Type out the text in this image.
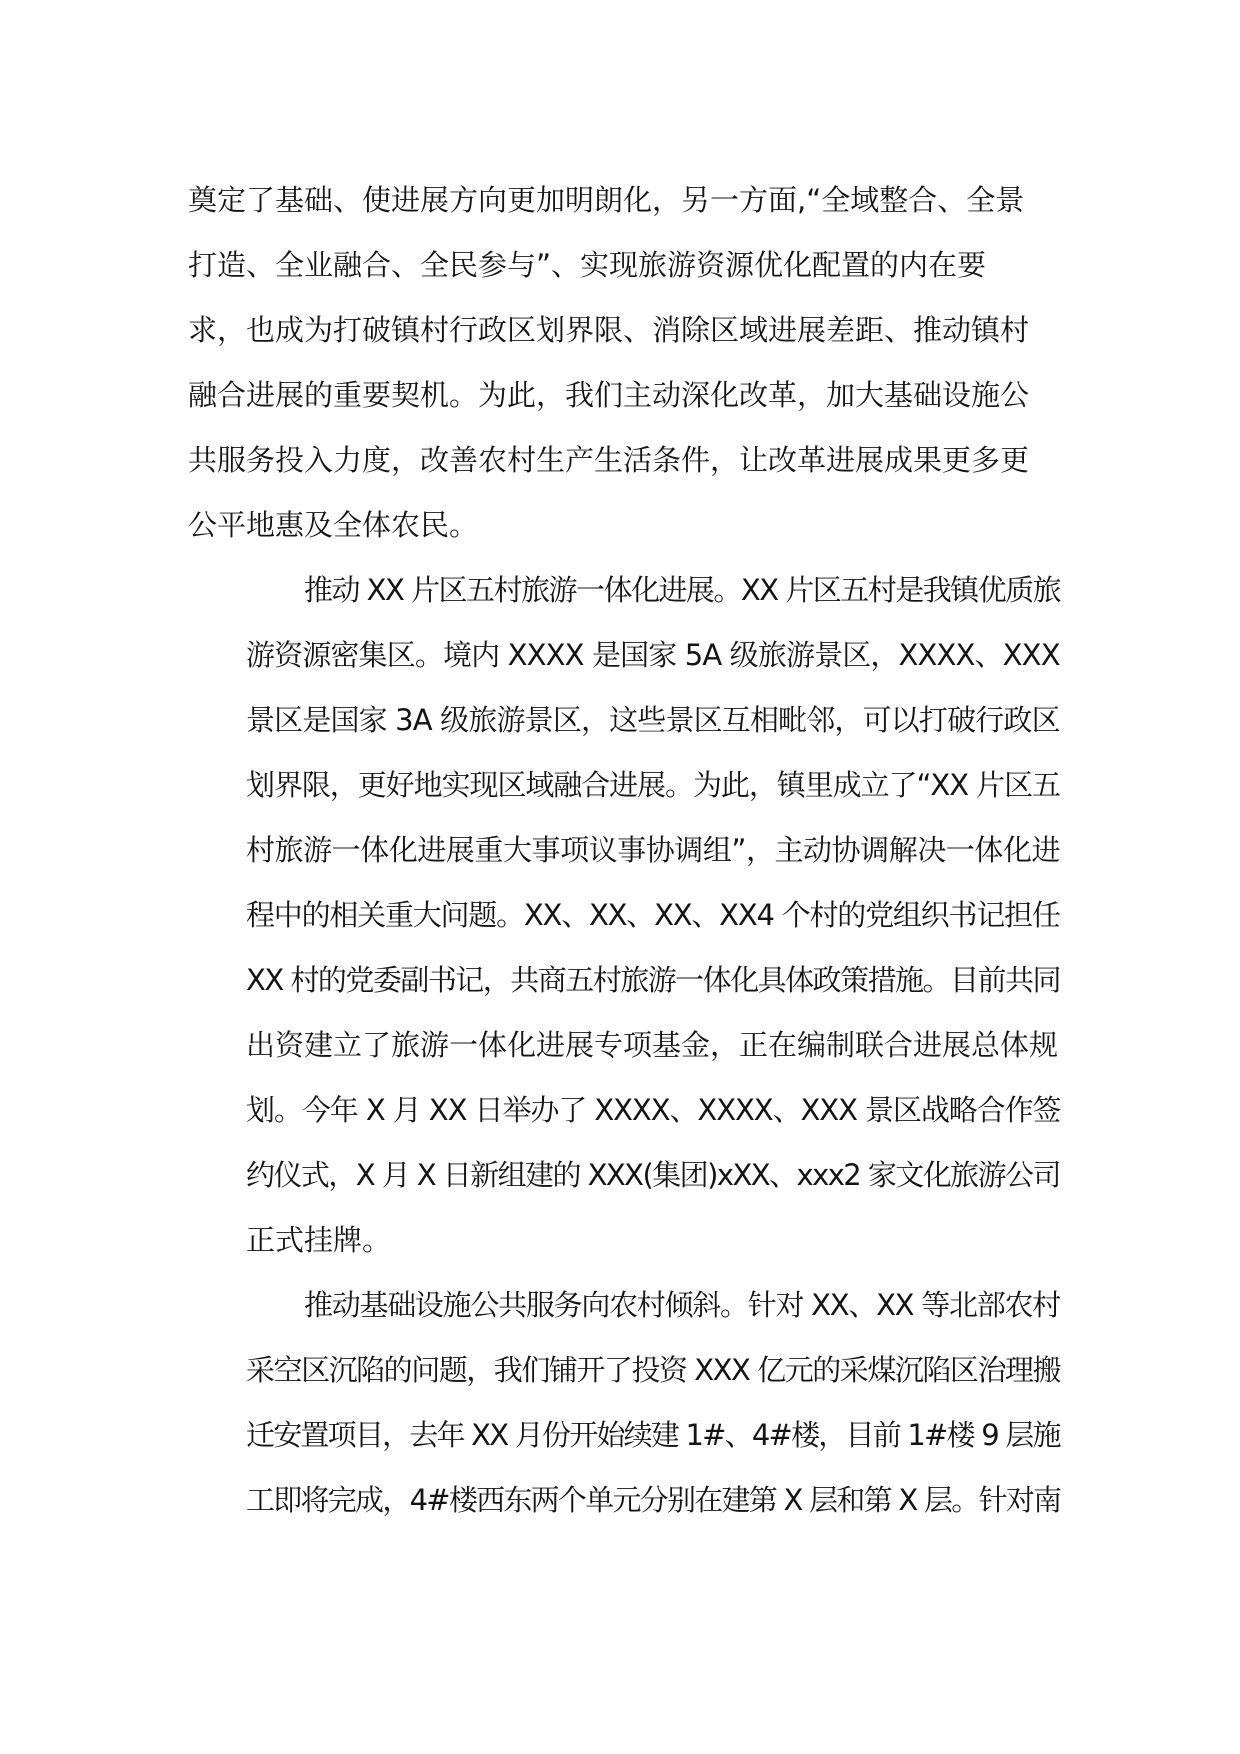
奠定了基础、使进展方向更加明朗化，另一方面,“全域整合、全景
打造、全业融合、全民参与”、实现旅游资源优化配置的内在要
求，也成为打破镇村行政区划界限、消除区域进展差距、推动镇村
融合进展的重要契机。为此，我们主动深化改革，加大基础设施公
共服务投入力度，改善农村生产生活条件，让改革进展成果更多更
公平地惠及全体农民。

推动 XX 片区五村旅游一体化进展。XX 片区五村是我镇优质旅
游资源密集区。境内 XXXX 是国家 5A 级旅游景区，XXXX、XXX
景区是国家 3A 级旅游景区，这些景区互相毗邻，可以打破行政区
划界限，更好地实现区域融合进展。为此，镇里成立了“XX 片区五
村旅游一体化进展重大事项议事协调组”，主动协调解决一体化进
程中的相关重大问题。XX、XX、XX、XX4 个村的党组织书记担任
XX 村的党委副书记，共商五村旅游一体化具体政策措施。目前共同
出资建立了旅游一体化进展专项基金，正在编制联合进展总体规
划。今年 X 月 XX 日举办了 XXXX、XXXX、XXX 景区战略合作签
约仪式，X 月 X 日新组建的 XXX(集团)xXX、xxx2 家文化旅游公司
正式挂牌。

推动基础设施公共服务向农村倾斜。针对 XX、XX 等北部农村
采空区沉陷的问题，我们铺开了投资 XXX 亿元的采煤沉陷区治理搬
迁安置项目，去年 XX 月份开始续建 1#、4#楼，目前 1#楼 9 层施
工即将完成，4#楼西东两个单元分别在建第 X 层和第 X 层。针对南
